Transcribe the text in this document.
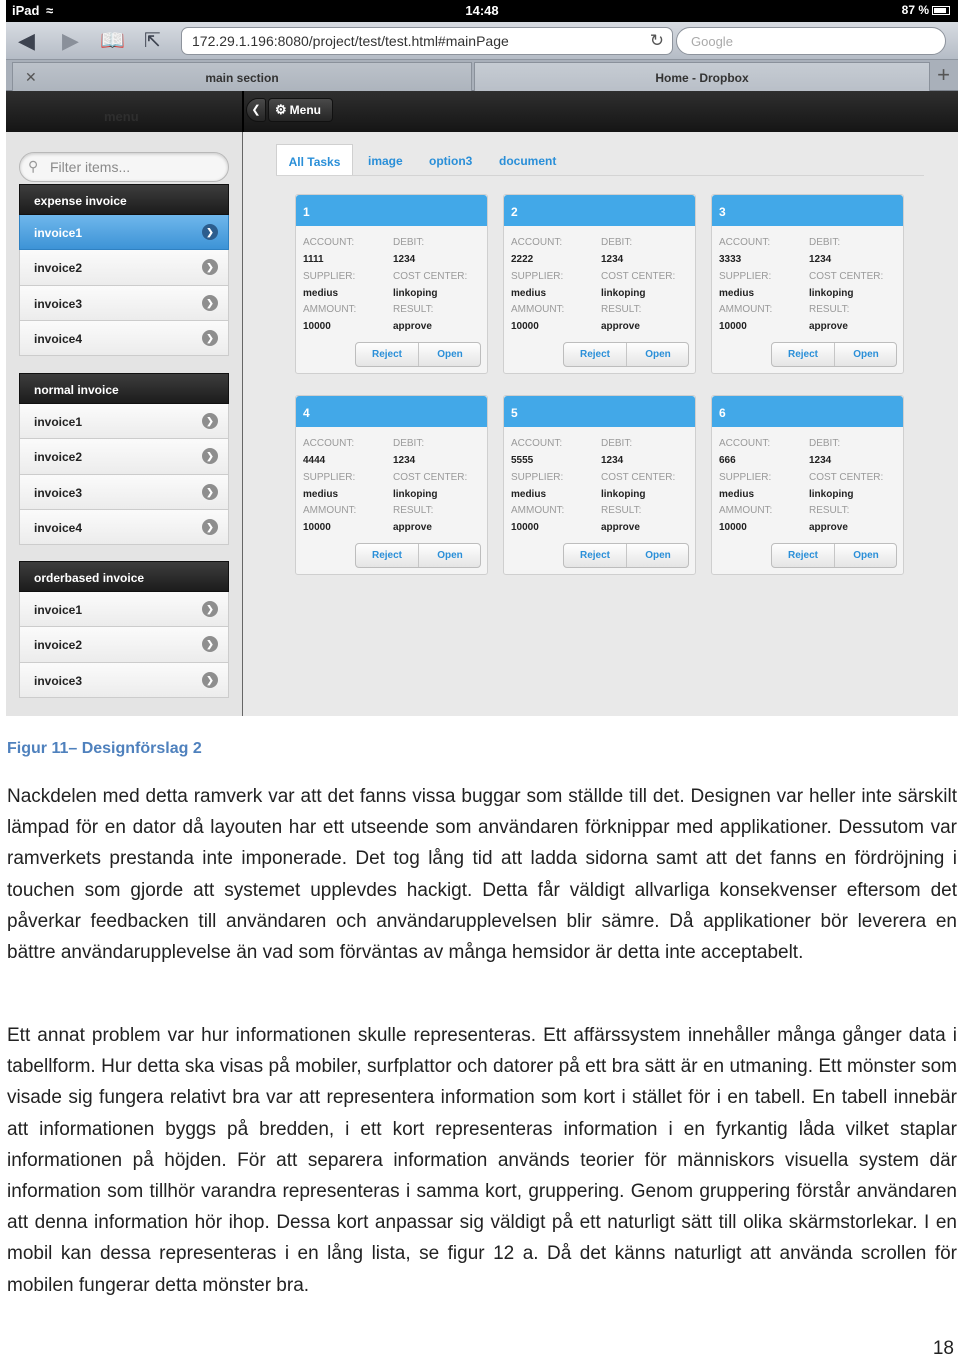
iPad ≈	14:48	87 %
◀ ▶ 📖 ⇱	172.29.1.196:8080/project/test/test.html#mainPage	↻	Google
✕	main section	Home - Dropbox	+
menu	❮	⚙ Menu
⚲ Filter items...
expense invoice
invoice1	❯
invoice2	❯
invoice3	❯
invoice4	❯
normal invoice
invoice1	❯
invoice2	❯
invoice3	❯
invoice4	❯
orderbased invoice
invoice1	❯
invoice2	❯
invoice3	❯
All Tasks	image option3 document
1
ACCOUNT:
1111
DEBIT:
1234
SUPPLIER:
medius
COST CENTER:
linkoping
AMMOUNT:
10000
RESULT:
approve
Reject	Open
2
ACCOUNT:
2222
DEBIT:
1234
SUPPLIER:
medius
COST CENTER:
linkoping
AMMOUNT:
10000
RESULT:
approve
Reject	Open
3
ACCOUNT:
3333
DEBIT:
1234
SUPPLIER:
medius
COST CENTER:
linkoping
AMMOUNT:
10000
RESULT:
approve
Reject	Open
4
ACCOUNT:
4444
DEBIT:
1234
SUPPLIER:
medius
COST CENTER:
linkoping
AMMOUNT:
10000
RESULT:
approve
Reject	Open
5
ACCOUNT:
5555
DEBIT:
1234
SUPPLIER:
medius
COST CENTER:
linkoping
AMMOUNT:
10000
RESULT:
approve
Reject	Open
6
ACCOUNT:
666
DEBIT:
1234
SUPPLIER:
medius
COST CENTER:
linkoping
AMMOUNT:
10000
RESULT:
approve
Reject	Open
Figur 11– Designförslag 2

Nackdelen med detta ramverk var att det fanns vissa buggar som ställde till det. Designen var heller inte särskilt lämpad för en dator då layouten har ett utseende som användaren förknippar med applikationer. Dessutom var ramverkets prestanda inte imponerade. Det tog lång tid att ladda sidorna samt att det fanns en fördröjning i touchen som gjorde att systemet upplevdes hackigt. Detta får väldigt allvarliga konsekvenser eftersom det påverkar feedbacken till användaren och användarupplevelsen blir sämre. Då applikationer bör leverera en bättre användarupplevelse än vad som förväntas av många hemsidor är detta inte acceptabelt.

Ett annat problem var hur informationen skulle representeras. Ett affärssystem innehåller många gånger data i tabellform. Hur detta ska visas på mobiler, surfplattor och datorer på ett bra sätt är en utmaning. Ett mönster som visade sig fungera relativt bra var att representera information som kort i stället för i en tabell. En tabell innebär att informationen byggs på bredden, i ett kort representeras information i en fyrkantig låda vilket staplar informationen på höjden. För att separera information används teorier för människors visuella system där information som tillhör varandra representeras i samma kort, gruppering. Genom gruppering förstår användaren att denna information hör ihop. Dessa kort anpassar sig väldigt på ett naturligt sätt till olika skärmstorlekar. I en mobil kan dessa representeras i en lång lista, se figur 12 a. Då det känns naturligt att använda scrollen för mobilen fungerar detta mönster bra.

18
